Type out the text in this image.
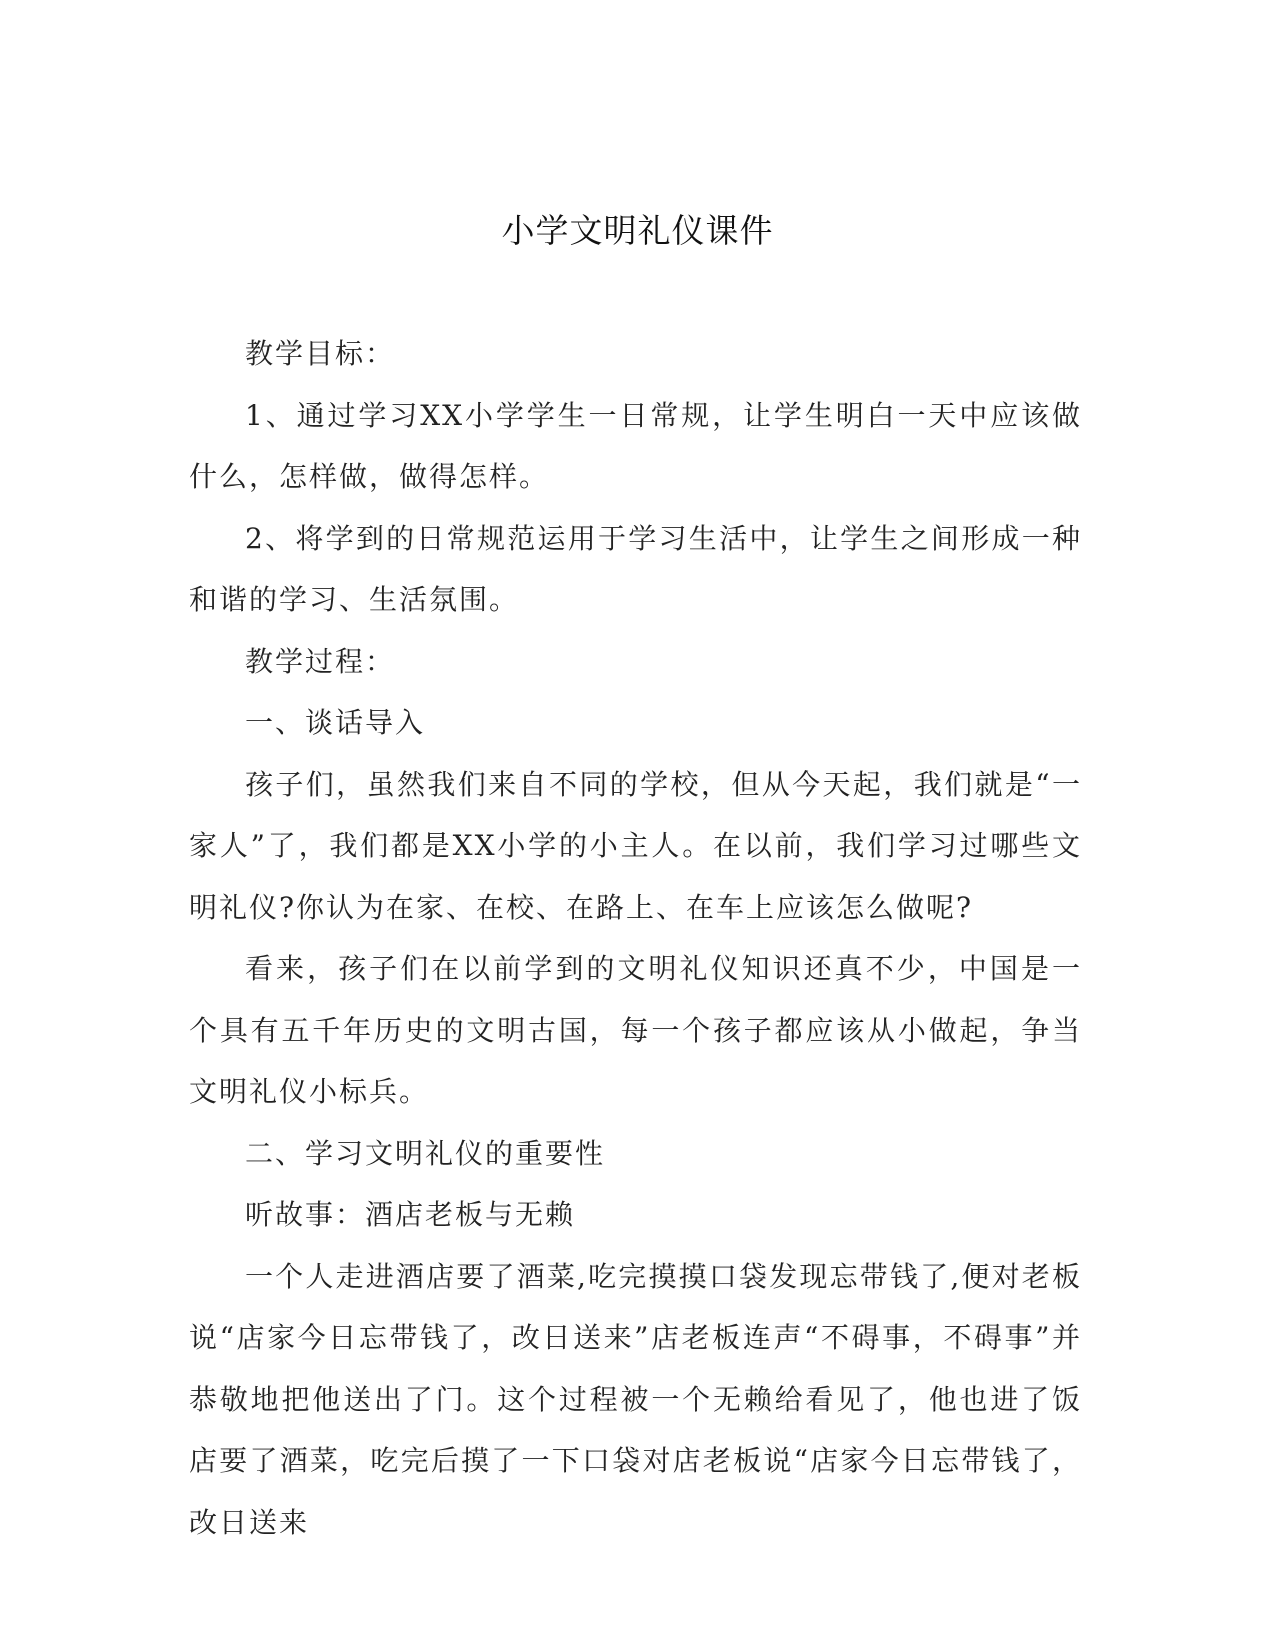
小学文明礼仪课件

教学目标：

1、通过学习XX小学学生一日常规，让学生明白一天中应该做什么，怎样做，做得怎样。

2、将学到的日常规范运用于学习生活中，让学生之间形成一种和谐的学习、生活氛围。

教学过程：

一、谈话导入

孩子们，虽然我们来自不同的学校，但从今天起，我们就是“一家人”了，我们都是XX小学的小主人。在以前，我们学习过哪些文明礼仪?你认为在家、在校、在路上、在车上应该怎么做呢?

看来，孩子们在以前学到的文明礼仪知识还真不少，中国是一个具有五千年历史的文明古国，每一个孩子都应该从小做起，争当文明礼仪小标兵。

二、学习文明礼仪的重要性

听故事：酒店老板与无赖

一个人走进酒店要了酒菜,吃完摸摸口袋发现忘带钱了,便对老板说“店家今日忘带钱了，改日送来”店老板连声“不碍事，不碍事”并恭敬地把他送出了门。这个过程被一个无赖给看见了，他也进了饭店要了酒菜，吃完后摸了一下口袋对店老板说“店家今日忘带钱了，改日送来
